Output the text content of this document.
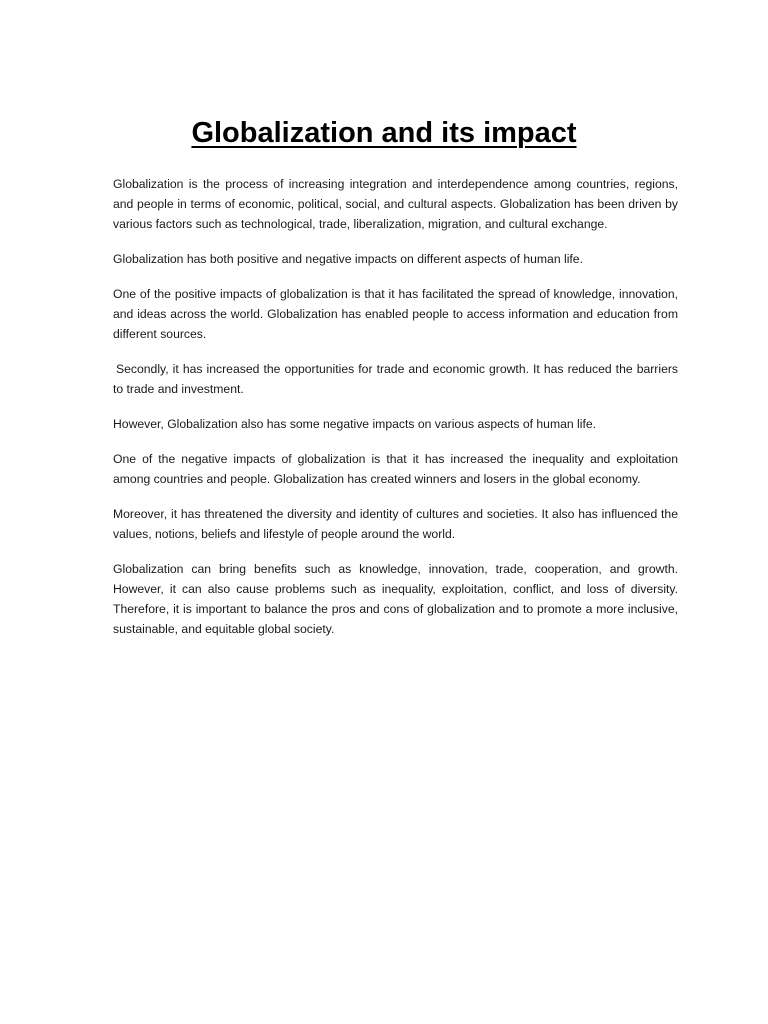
Globalization and its impact

Globalization is the process of increasing integration and interdependence among countries, regions, and people in terms of economic, political, social, and cultural aspects. Globalization has been driven by various factors such as technological, trade, liberalization, migration, and cultural exchange.

Globalization has both positive and negative impacts on different aspects of human life.

One of the positive impacts of globalization is that it has facilitated the spread of knowledge, innovation, and ideas across the world. Globalization has enabled people to access information and education from different sources.

Secondly, it has increased the opportunities for trade and economic growth. It has reduced the barriers to trade and investment.

However, Globalization also has some negative impacts on various aspects of human life.

One of the negative impacts of globalization is that it has increased the inequality and exploitation among countries and people. Globalization has created winners and losers in the global economy.

Moreover, it has threatened the diversity and identity of cultures and societies. It also has influenced the values, notions, beliefs and lifestyle of people around the world.

Globalization can bring benefits such as knowledge, innovation, trade, cooperation, and growth. However, it can also cause problems such as inequality, exploitation, conflict, and loss of diversity. Therefore, it is important to balance the pros and cons of globalization and to promote a more inclusive, sustainable, and equitable global society.
